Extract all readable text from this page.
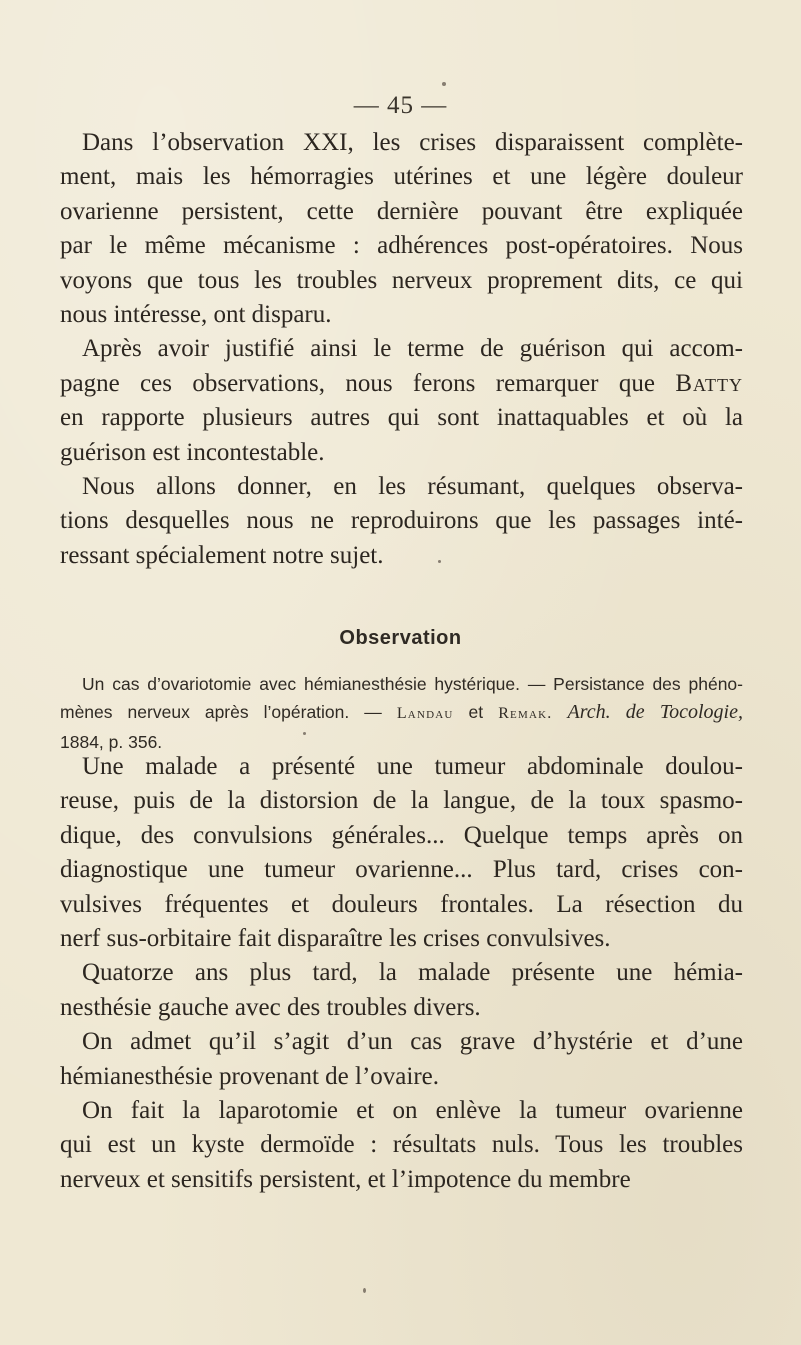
— 45 —
Dans l’observation XXI, les crises disparaissent complète-
ment, mais les hémorragies utérines et une légère douleur
ovarienne persistent, cette dernière pouvant être expliquée
par le même mécanisme : adhérences post-opératoires. Nous
voyons que tous les troubles nerveux proprement dits, ce qui
nous intéresse, ont disparu.
Après avoir justifié ainsi le terme de guérison qui accom-
pagne ces observations, nous ferons remarquer que Batty
en rapporte plusieurs autres qui sont inattaquables et où la
guérison est incontestable.
Nous allons donner, en les résumant, quelques observa-
tions desquelles nous ne reproduirons que les passages inté-
ressant spécialement notre sujet.
Observation
Un cas d’ovariotomie avec hémianesthésie hystérique. — Persistance des phéno-
mènes nerveux après l’opération. — Landau et Remak. Arch. de Tocologie,
1884, p. 356.
Une malade a présenté une tumeur abdominale doulou-
reuse, puis de la distorsion de la langue, de la toux spasmo-
dique, des convulsions générales... Quelque temps après on
diagnostique une tumeur ovarienne... Plus tard, crises con-
vulsives fréquentes et douleurs frontales. La résection du
nerf sus-orbitaire fait disparaître les crises convulsives.
Quatorze ans plus tard, la malade présente une hémia-
nesthésie gauche avec des troubles divers.
On admet qu’il s’agit d’un cas grave d’hystérie et d’une
hémianesthésie provenant de l’ovaire.
On fait la laparotomie et on enlève la tumeur ovarienne
qui est un kyste dermoïde : résultats nuls. Tous les troubles
nerveux et sensitifs persistent, et l’impotence du membre
